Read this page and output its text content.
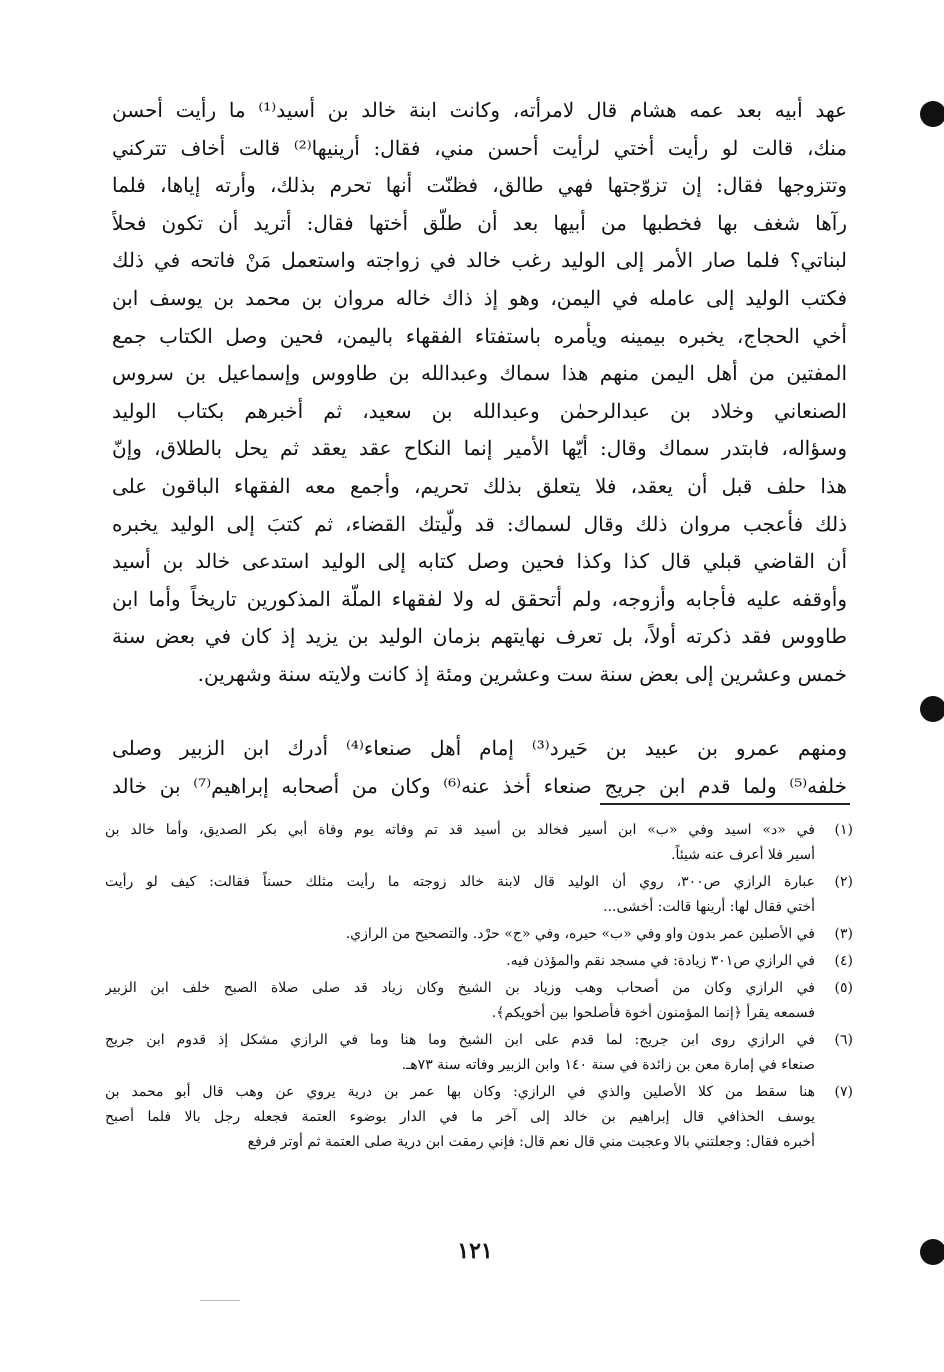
عهد أبيه بعد عمه هشام قال لامرأته، وكانت ابنة خالد بن أسيد⁽¹⁾ ما رأيت أحسن
منك، قالت لو رأيت أختي لرأيت أحسن مني، فقال: أرينيها⁽²⁾ قالت أخاف تتركني
وتتزوجها فقال: إن تزوّجتها فهي طالق، فظنّت أنها تحرم بذلك، وأرته إياها، فلما
رآها شغف بها فخطبها من أبيها بعد أن طلّق أختها فقال: أتريد أن تكون فحلاً
لبناتي؟ فلما صار الأمر إلى الوليد رغب خالد في زواجته واستعمل مَنْ فاتحه في ذلك
فكتب الوليد إلى عامله في اليمن، وهو إذ ذاك خاله مروان بن محمد بن يوسف ابن
أخي الحجاج، يخبره بيمينه ويأمره باستفتاء الفقهاء باليمن، فحين وصل الكتاب جمع
المفتين من أهل اليمن منهم هذا سماك وعبدالله بن طاووس وإسماعيل بن سروس
الصنعاني وخلاد بن عبدالرحمٰن وعبدالله بن سعيد، ثم أخبرهم بكتاب الوليد
وسؤاله، فابتدر سماك وقال: أيّها الأمير إنما النكاح عقد يعقد ثم يحل بالطلاق، وإنّ
هذا حلف قبل أن يعقد، فلا يتعلق بذلك تحريم، وأجمع معه الفقهاء الباقون على
ذلك فأعجب مروان ذلك وقال لسماك: قد ولّيتك القضاء، ثم كتبَ إلى الوليد يخبره
أن القاضي قبلي قال كذا وكذا فحين وصل كتابه إلى الوليد استدعى خالد بن أسيد
وأوقفه عليه فأجابه وأزوجه، ولم أتحقق له ولا لفقهاء الملّة المذكورين تاريخاً وأما ابن
طاووس فقد ذكرته أولاً، بل تعرف نهايتهم بزمان الوليد بن يزيد إذ كان في بعض سنة
خمس وعشرين إلى بعض سنة ست وعشرين ومئة إذ كانت ولايته سنة وشهرين.
ومنهم عمرو بن عبيد بن حَيرد⁽³⁾ إمام أهل صنعاء⁽⁴⁾ أدرك ابن الزبير وصلى
خلفه⁽⁵⁾ ولما قدم ابن جريج صنعاء أخذ عنه⁽⁶⁾ وكان من أصحابه إبراهيم⁽⁷⁾ بن خالد
(١)
في «د» اسيد وفي «ب» ابن أسير فخالد بن أسيد قد تم وفاته يوم وفاة أبي بكر الصديق، وأما خالد بن
أسير فلا أعرف عنه شيئاً.
(٢)
عبارة الرازي ص٣٠٠، روي أن الوليد قال لابنة خالد زوجته ما رأيت مثلك حسناً فقالت: كيف لو رأيت
أختي فقال لها: أرينها قالت: أخشى...
(٣)
في الأصلين عمر بدون واو وفي «ب» حيره، وفي «ج» حرْد. والتصحيح من الرازي.
(٤)
في الرازي ص٣٠١ زيادة: في مسجد نقم والمؤذن فيه.
(٥)
في الرازي وكان من أصحاب وهب وزياد بن الشيخ وكان زياد قد صلى صلاة الصبح خلف ابن الزبير
فسمعه يقرأ ﴿إنما المؤمنون أخوة فأصلحوا بين أخويكم﴾.
(٦)
في الرازي روى ابن جريج: لما قدم على ابن الشيخ وما هنا وما في الرازي مشكل إذ قدوم ابن جريج
صنعاء في إمارة معن بن زائدة في سنة ١٤٠ وابن الزبير وفاته سنة ٧٣هـ.
(٧)
هنا سقط من كلا الأصلين والذي في الرازي: وكان بها عمر بن درية يروي عن وهب قال أبو محمد بن
يوسف الحذافي قال إبراهيم بن خالد إلى آخر ما في الدار بوضوء العتمة فجعله رجل بالا فلما أصبح
أخبره فقال: وجعلتني بالا وعجبت مني قال نعم قال: فإني رمقت ابن درية صلى العتمة ثم أوتر فرفع
١٢١
